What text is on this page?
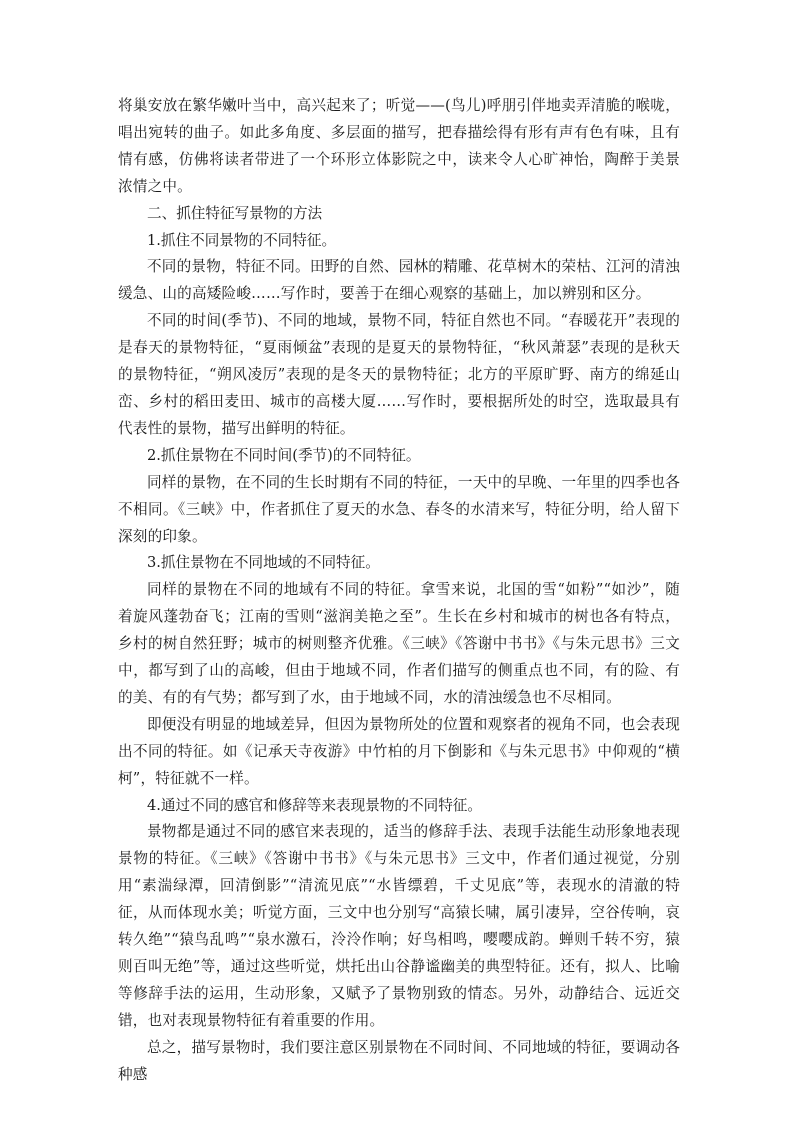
将巢安放在繁华嫩叶当中，高兴起来了；听觉——(鸟儿)呼朋引伴地卖弄清脆的喉咙，唱出宛转的曲子。如此多角度、多层面的描写，把春描绘得有形有声有色有味，且有情有感，仿佛将读者带进了一个环形立体影院之中，读来令人心旷神怡，陶醉于美景浓情之中。

二、抓住特征写景物的方法

1.抓住不同景物的不同特征。

不同的景物，特征不同。田野的自然、园林的精雕、花草树木的荣枯、江河的清浊缓急、山的高矮险峻……写作时，要善于在细心观察的基础上，加以辨别和区分。

不同的时间(季节)、不同的地域，景物不同，特征自然也不同。“春暖花开”表现的是春天的景物特征，“夏雨倾盆”表现的是夏天的景物特征，“秋风萧瑟”表现的是秋天的景物特征，“朔风凌厉”表现的是冬天的景物特征；北方的平原旷野、南方的绵延山峦、乡村的稻田麦田、城市的高楼大厦……写作时，要根据所处的时空，选取最具有代表性的景物，描写出鲜明的特征。

2.抓住景物在不同时间(季节)的不同特征。

同样的景物，在不同的生长时期有不同的特征，一天中的早晚、一年里的四季也各不相同。《三峡》中，作者抓住了夏天的水急、春冬的水清来写，特征分明，给人留下深刻的印象。

3.抓住景物在不同地域的不同特征。

同样的景物在不同的地域有不同的特征。拿雪来说，北国的雪“如粉”“如沙”，随着旋风蓬勃奋飞；江南的雪则“滋润美艳之至”。生长在乡村和城市的树也各有特点，乡村的树自然狂野；城市的树则整齐优雅。《三峡》《答谢中书书》《与朱元思书》三文中，都写到了山的高峻，但由于地域不同，作者们描写的侧重点也不同，有的险、有的美、有的有气势；都写到了水，由于地域不同，水的清浊缓急也不尽相同。

即便没有明显的地域差异，但因为景物所处的位置和观察者的视角不同，也会表现出不同的特征。如《记承天寺夜游》中竹柏的月下倒影和《与朱元思书》中仰观的“横柯”，特征就不一样。

4.通过不同的感官和修辞等来表现景物的不同特征。

景物都是通过不同的感官来表现的，适当的修辞手法、表现手法能生动形象地表现景物的特征。《三峡》《答谢中书书》《与朱元思书》三文中，作者们通过视觉，分别用“素湍绿潭，回清倒影”“清流见底”“水皆缥碧，千丈见底”等，表现水的清澈的特征，从而体现水美；听觉方面，三文中也分别写“高猿长啸，属引凄异，空谷传响，哀转久绝”“猿鸟乱鸣”“泉水激石，泠泠作响；好鸟相鸣，嘤嘤成韵。蝉则千转不穷，猿则百叫无绝”等，通过这些听觉，烘托出山谷静谧幽美的典型特征。还有，拟人、比喻等修辞手法的运用，生动形象，又赋予了景物别致的情态。另外，动静结合、远近交错，也对表现景物特征有着重要的作用。

总之，描写景物时，我们要注意区别景物在不同时间、不同地域的特征，要调动各种感
